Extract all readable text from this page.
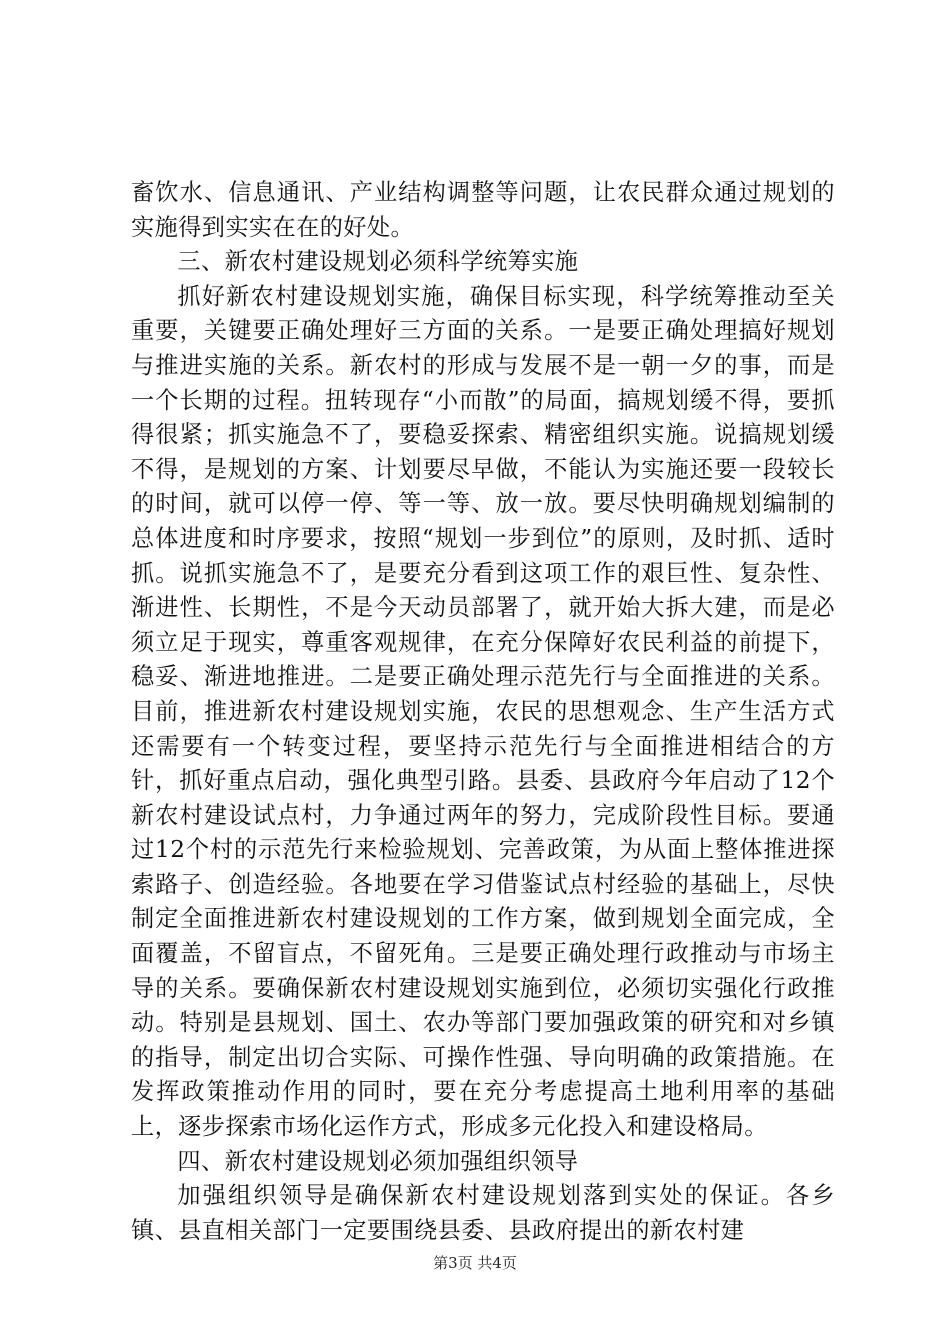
畜饮水、信息通讯、产业结构调整等问题，让农民群众通过规划的实施得到实实在在的好处。

三、新农村建设规划必须科学统筹实施

抓好新农村建设规划实施，确保目标实现，科学统筹推动至关重要，关键要正确处理好三方面的关系。一是要正确处理搞好规划与推进实施的关系。新农村的形成与发展不是一朝一夕的事，而是一个长期的过程。扭转现存“小而散”的局面，搞规划缓不得，要抓得很紧；抓实施急不了，要稳妥探索、精密组织实施。说搞规划缓不得，是规划的方案、计划要尽早做，不能认为实施还要一段较长的时间，就可以停一停、等一等、放一放。要尽快明确规划编制的总体进度和时序要求，按照“规划一步到位”的原则，及时抓、适时抓。说抓实施急不了，是要充分看到这项工作的艰巨性、复杂性、渐进性、长期性，不是今天动员部署了，就开始大拆大建，而是必须立足于现实，尊重客观规律，在充分保障好农民利益的前提下，稳妥、渐进地推进。二是要正确处理示范先行与全面推进的关系。目前，推进新农村建设规划实施，农民的思想观念、生产生活方式还需要有一个转变过程，要坚持示范先行与全面推进相结合的方针，抓好重点启动，强化典型引路。县委、县政府今年启动了12个新农村建设试点村，力争通过两年的努力，完成阶段性目标。要通过12个村的示范先行来检验规划、完善政策，为从面上整体推进探索路子、创造经验。各地要在学习借鉴试点村经验的基础上，尽快制定全面推进新农村建设规划的工作方案，做到规划全面完成，全面覆盖，不留盲点，不留死角。三是要正确处理行政推动与市场主导的关系。要确保新农村建设规划实施到位，必须切实强化行政推动。特别是县规划、国土、农办等部门要加强政策的研究和对乡镇的指导，制定出切合实际、可操作性强、导向明确的政策措施。在发挥政策推动作用的同时，要在充分考虑提高土地利用率的基础上，逐步探索市场化运作方式，形成多元化投入和建设格局。

四、新农村建设规划必须加强组织领导

加强组织领导是确保新农村建设规划落到实处的保证。各乡镇、县直相关部门一定要围绕县委、县政府提出的新农村建

第3页 共4页
